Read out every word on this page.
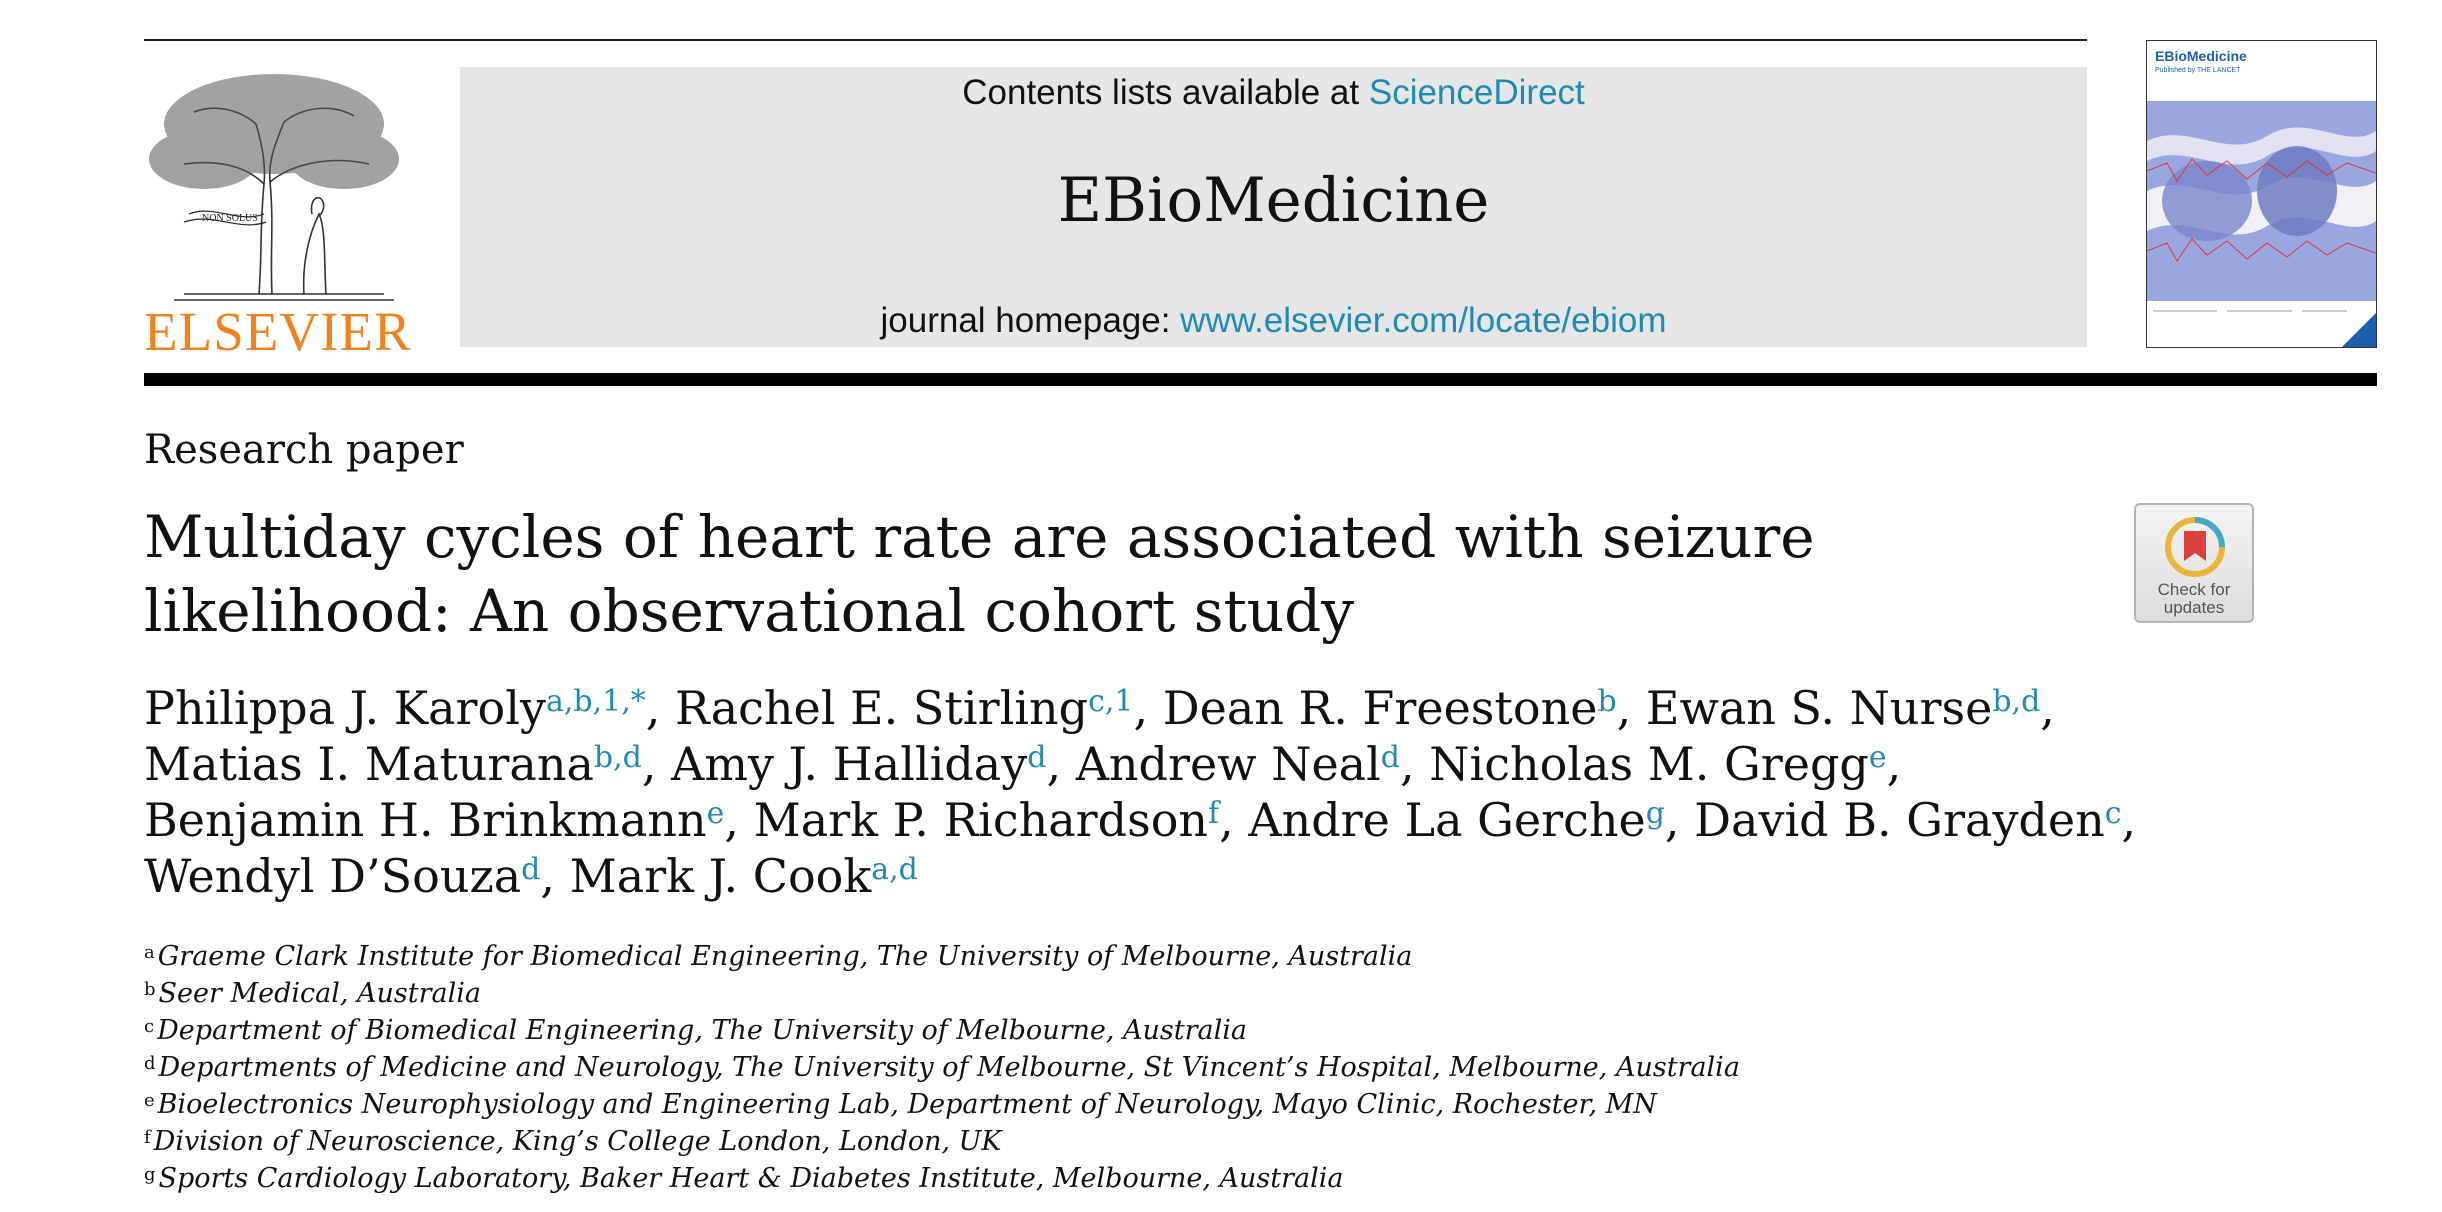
NON SOLUS
ELSEVIER
Contents lists available at ScienceDirect
EBioMedicine
journal homepage: www.elsevier.com/locate/ebiom
EBioMedicine
Published by THE LANCET
Research paper
Multiday cycles of heart rate are associated with seizure likelihood: An observational cohort study	Check for updates
Philippa J. Karoly$^{a,b,1,*}$, Rachel E. Stirling$^{c,1}$, Dean R. Freestone$^b$, Ewan S. Nurse$^{b,d}$,
Matias I. Maturana$^{b,d}$, Amy J. Halliday$^d$, Andrew Neal$^d$, Nicholas M. Gregg$^e$,
Benjamin H. Brinkmann$^e$, Mark P. Richardson$^f$, Andre La Gerche$^g$, David B. Grayden$^c$,
Wendyl D’Souza$^d$, Mark J. Cook$^{a,d}$
$^a$ Graeme Clark Institute for Biomedical Engineering, The University of Melbourne, Australia
$^b$ Seer Medical, Australia
$^c$ Department of Biomedical Engineering, The University of Melbourne, Australia
$^d$ Departments of Medicine and Neurology, The University of Melbourne, St Vincent’s Hospital, Melbourne, Australia
$^e$ Bioelectronics Neurophysiology and Engineering Lab, Department of Neurology, Mayo Clinic, Rochester, MN
$^f$ Division of Neuroscience, King’s College London, London, UK
$^g$ Sports Cardiology Laboratory, Baker Heart & Diabetes Institute, Melbourne, Australia
